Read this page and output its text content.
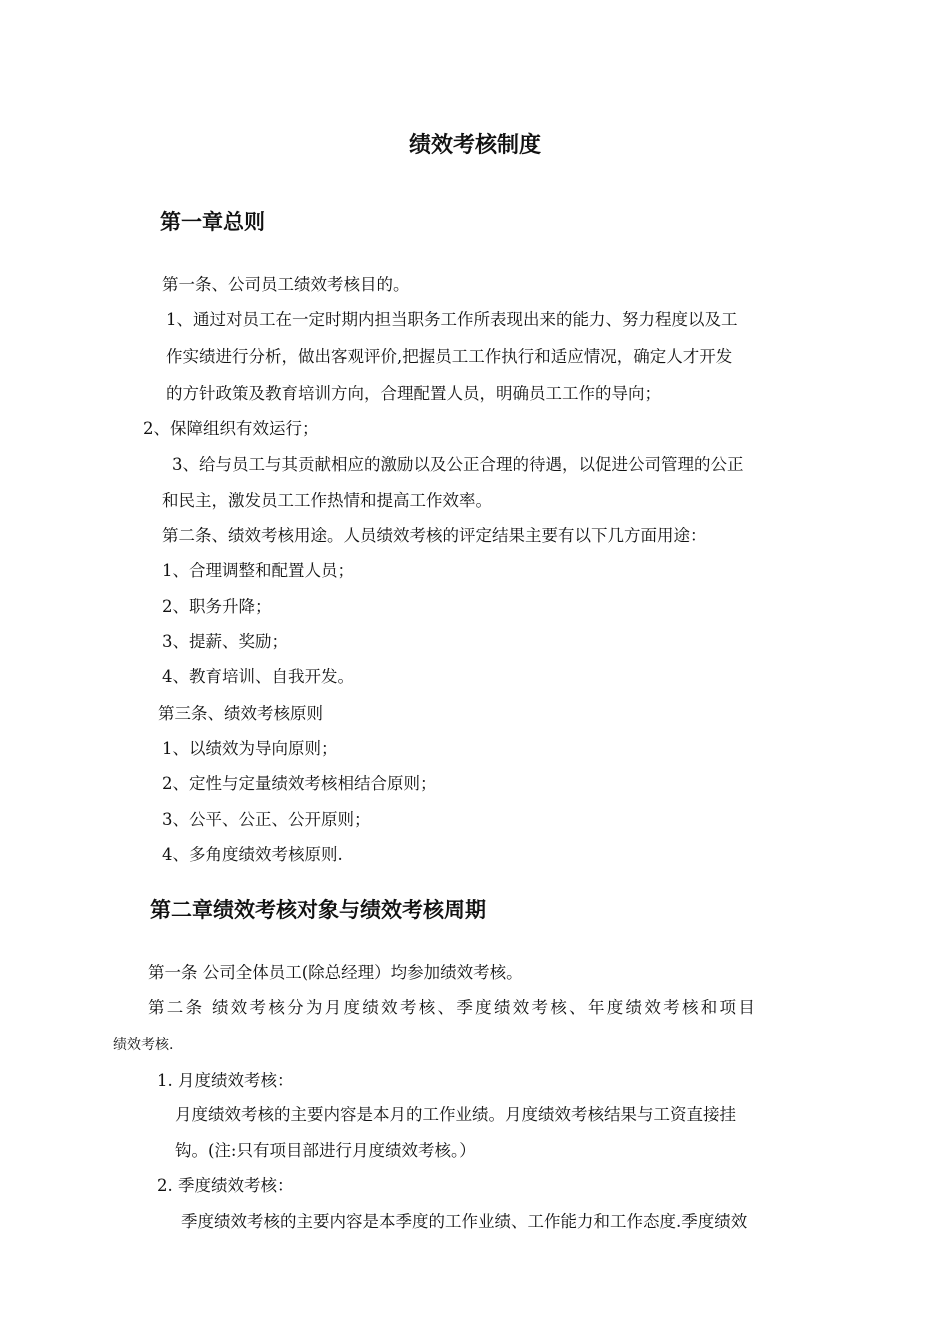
绩效考核制度
第一章总则

第一条、公司员工绩效考核目的。

1、通过对员工在一定时期内担当职务工作所表现出来的能力、努力程度以及工

作实绩进行分析，做出客观评价,把握员工工作执行和适应情况，确定人才开发

的方针政策及教育培训方向，合理配置人员，明确员工工作的导向；

2、保障组织有效运行；

3、给与员工与其贡献相应的激励以及公正合理的待遇，以促进公司管理的公正

和民主，激发员工工作热情和提高工作效率。

第二条、绩效考核用途。人员绩效考核的评定结果主要有以下几方面用途：

1、合理调整和配置人员；

2、职务升降；

3、提薪、奖励；

4、教育培训、自我开发。

第三条、绩效考核原则

1、以绩效为导向原则；

2、定性与定量绩效考核相结合原则；

3、公平、公正、公开原则；

4、多角度绩效考核原则.

第二章绩效考核对象与绩效考核周期

第一条 公司全体员工(除总经理）均参加绩效考核。

第二条 绩效考核分为月度绩效考核、季度绩效考核、年度绩效考核和项目

绩效考核.

1. 月度绩效考核：

月度绩效考核的主要内容是本月的工作业绩。月度绩效考核结果与工资直接挂

钩。(注:只有项目部进行月度绩效考核。）

2. 季度绩效考核：

季度绩效考核的主要内容是本季度的工作业绩、工作能力和工作态度.季度绩效
